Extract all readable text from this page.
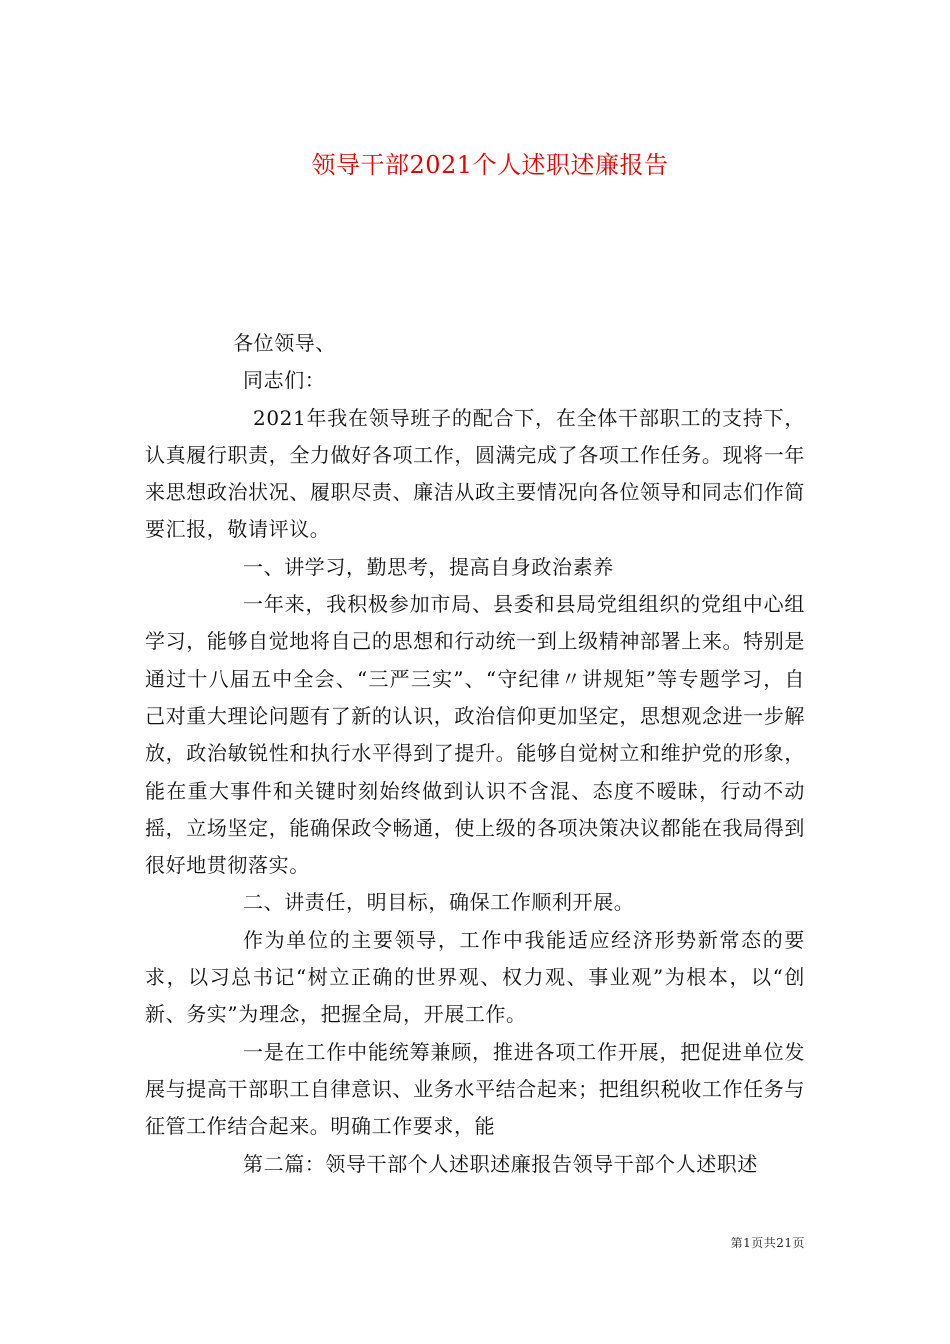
领导干部2021个人述职述廉报告

各位领导、

同志们：

2021年我在领导班子的配合下，在全体干部职工的支持下，认真履行职责，全力做好各项工作，圆满完成了各项工作任务。现将一年来思想政治状况、履职尽责、廉洁从政主要情况向各位领导和同志们作简要汇报，敬请评议。

一、讲学习，勤思考，提高自身政治素养

一年来，我积极参加市局、县委和县局党组组织的党组中心组学习，能够自觉地将自己的思想和行动统一到上级精神部署上来。特别是通过十八届五中全会、“三严三实”、“守纪律〃讲规矩”等专题学习，自己对重大理论问题有了新的认识，政治信仰更加坚定，思想观念进一步解放，政治敏锐性和执行水平得到了提升。能够自觉树立和维护党的形象，能在重大事件和关键时刻始终做到认识不含混、态度不暧昧，行动不动摇，立场坚定，能确保政令畅通，使上级的各项决策决议都能在我局得到很好地贯彻落实。

二、讲责任，明目标，确保工作顺利开展。

作为单位的主要领导，工作中我能适应经济形势新常态的要求，以习总书记“树立正确的世界观、权力观、事业观”为根本，以“创新、务实”为理念，把握全局，开展工作。

一是在工作中能统筹兼顾，推进各项工作开展，把促进单位发展与提高干部职工自律意识、业务水平结合起来；把组织税收工作任务与征管工作结合起来。明确工作要求，能

第二篇：领导干部个人述职述廉报告领导干部个人述职述

第1页共21页
